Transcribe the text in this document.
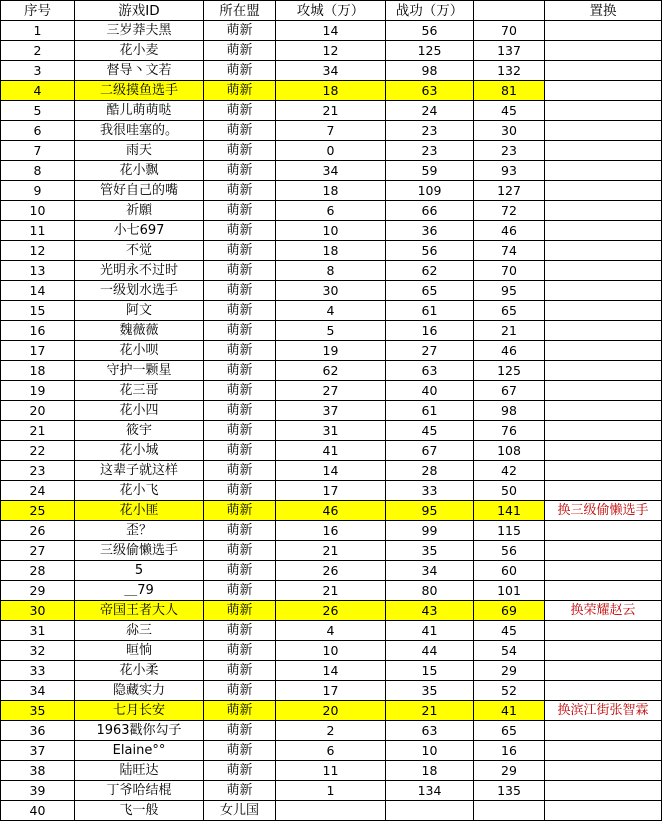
序号	游戏ID	所在盟	攻城（万）	战功（万）		置换
1	三岁莽夫黑	萌新	14	56	70	
2	花小麦	萌新	12	125	137	
3	督导丶文若	萌新	34	98	132	
4	二级摸鱼选手	萌新	18	63	81	
5	酷儿萌萌哒	萌新	21	24	45	
6	我很哇塞的。	萌新	7	23	30	
7	雨天	萌新	0	23	23	
8	花小飘	萌新	34	59	93	
9	管好自己的嘴	萌新	18	109	127	
10	祈願	萌新	6	66	72	
11	小七697	萌新	10	36	46	
12	不觉	萌新	18	56	74	
13	光明永不过时	萌新	8	62	70	
14	一级划水选手	萌新	30	65	95	
15	阿文	萌新	4	61	65	
16	魏薇薇	萌新	5	16	21	
17	花小呗	萌新	19	27	46	
18	守护一颗星	萌新	62	63	125	
19	花三哥	萌新	27	40	67	
20	花小四	萌新	37	61	98	
21	筱宇	萌新	31	45	76	
22	花小城	萌新	41	67	108	
23	这辈子就这样	萌新	14	28	42	
24	花小飞	萌新	17	33	50	
25	花小匪	萌新	46	95	141	换三级偷懒选手
26	歪？	萌新	16	99	115	
27	三级偷懒选手	萌新	21	35	56	
28	5	萌新	26	34	60	
29	＿79	萌新	21	80	101	
30	帝国王者大人	萌新	26	43	69	换荣耀赵云
31	尛三	萌新	4	41	45	
32	晅恦	萌新	10	44	54	
33	花小柔	萌新	14	15	29	
34	隐藏实力	萌新	17	35	52	
35	七月长安	萌新	20	21	41	换滨江街张智霖
36	1963戳你勾子	萌新	2	63	65	
37	Elaine°°	萌新	6	10	16	
38	陆旺达	萌新	11	18	29	
39	丁爷哈结棍	萌新	1	134	135	
40	飞一般	女儿国				
